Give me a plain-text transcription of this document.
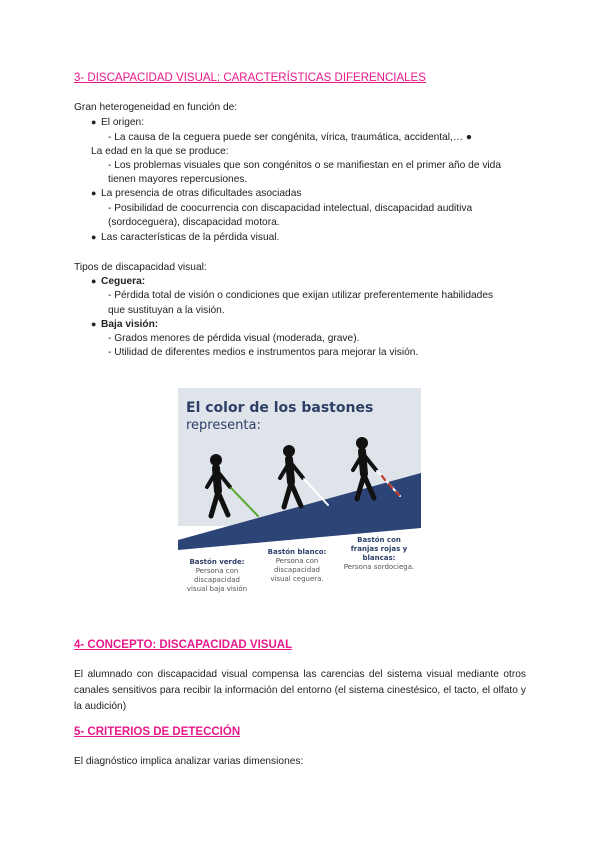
3- DISCAPACIDAD VISUAL: CARACTERÍSTICAS DIFERENCIALES
Gran heterogeneidad en función de:
● El origen:
- La causa de la ceguera puede ser congénita, vírica, traumática, accidental,… ●
La edad en la que se produce:
- Los problemas visuales que son congénitos o se manifiestan en el primer año de vida
tienen mayores repercusiones.
● La presencia de otras dificultades asociadas
- Posibilidad de coocurrencia con discapacidad intelectual, discapacidad auditiva
(sordoceguera), discapacidad motora.
● Las características de la pérdida visual.
Tipos de discapacidad visual:
● Ceguera:
- Pérdida total de visión o condiciones que exijan utilizar preferentemente habilidades
que sustituyan a la visión.
● Baja visión:
- Grados menores de pérdida visual (moderada, grave).
- Utilidad de diferentes medios e instrumentos para mejorar la visión.
El color de los bastones
representa:
Bastón verde:
Persona con
discapacidad
visual baja visión
Bastón blanco:
Persona con
discapacidad
visual ceguera.
Bastón con
franjas rojas y
blancas:
Persona sordociega.
4- CONCEPTO: DISCAPACIDAD VISUAL
El alumnado con discapacidad visual compensa las carencias del sistema visual mediante otros canales sensitivos para recibir la información del entorno (el sistema cinestésico, el tacto, el olfato y la audición)
5- CRITERIOS DE DETECCIÓN
El diagnóstico implica analizar varias dimensiones:
